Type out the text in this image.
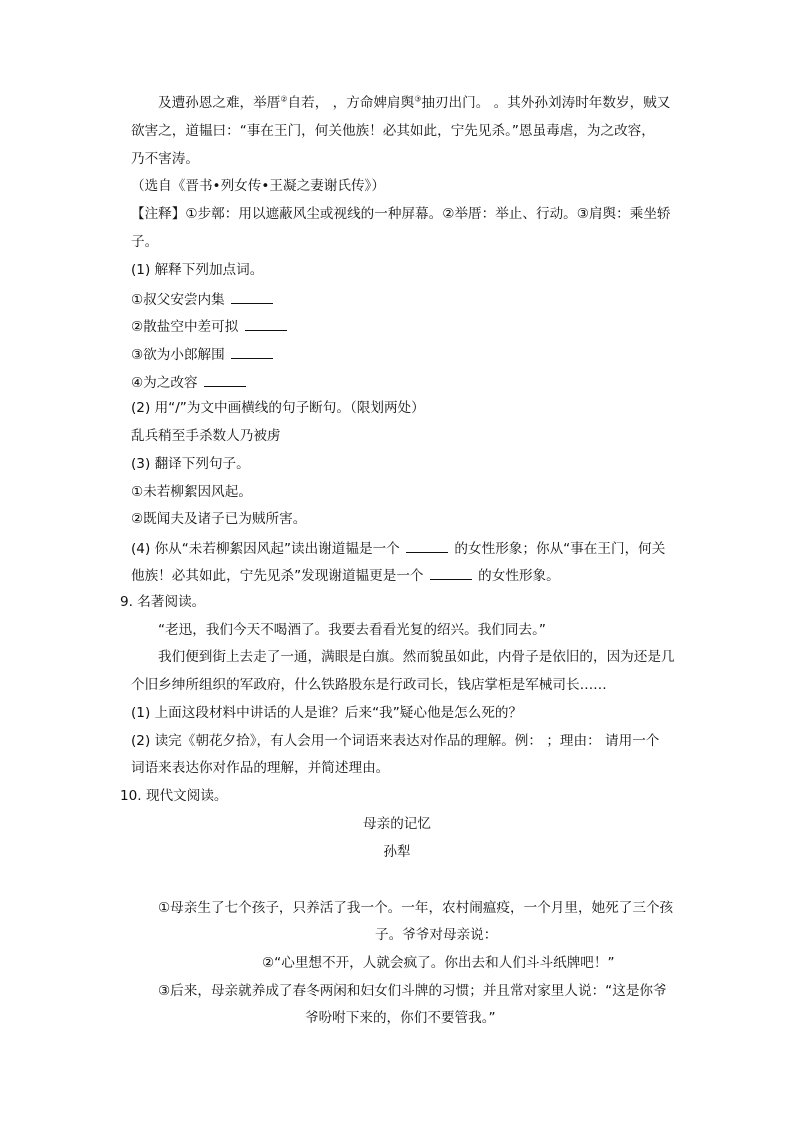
及遭孙恩之难，举厝②自若， ，方命婢肩舆③抽刃出门。 。其外孙刘涛时年数岁，贼又
欲害之，道韫曰：“事在王门，何关他族！必其如此，宁先见杀。”恩虽毒虐，为之改容，
乃不害涛。
（选自《晋书•列女传•王凝之妻谢氏传》）
【注释】①步鄣：用以遮蔽风尘或视线的一种屏幕。②举厝：举止、行动。③肩舆：乘坐轿
子。
(1) 解释下列加点词。
①叔父安尝内集
②散盐空中差可拟
③欲为小郎解围
④为之改容
(2) 用“/”为文中画横线的句子断句。（限划两处）
乱兵稍至手杀数人乃被虏
(3) 翻译下列句子。
①未若柳絮因风起。
②既闻夫及诸子已为贼所害。
(4) 你从“未若柳絮因风起”读出谢道韫是一个	的女性形象；你从“事在王门，何关
他族！必其如此，宁先见杀”发现谢道韫更是一个	的女性形象。
9. 名著阅读。
“老迅，我们今天不喝酒了。我要去看看光复的绍兴。我们同去。”
我们便到街上去走了一通，满眼是白旗。然而貌虽如此，内骨子是依旧的，因为还是几
个旧乡绅所组织的军政府，什么铁路股东是行政司长，钱店掌柜是军械司长……
(1) 上面这段材料中讲话的人是谁？后来“我”疑心他是怎么死的？
(2) 读完《朝花夕拾》，有人会用一个词语来表达对作品的理解。例： ；理由： 请用一个
词语来表达你对作品的理解，并简述理由。
10. 现代文阅读。
母亲的记忆
孙犁
①母亲生了七个孩子，只养活了我一个。一年，农村闹瘟疫，一个月里，她死了三个孩
子。爷爷对母亲说：
②“心里想不开，人就会疯了。你出去和人们斗斗纸牌吧！”
③后来，母亲就养成了春冬两闲和妇女们斗牌的习惯；并且常对家里人说：“这是你爷
爷吩咐下来的，你们不要管我。”
